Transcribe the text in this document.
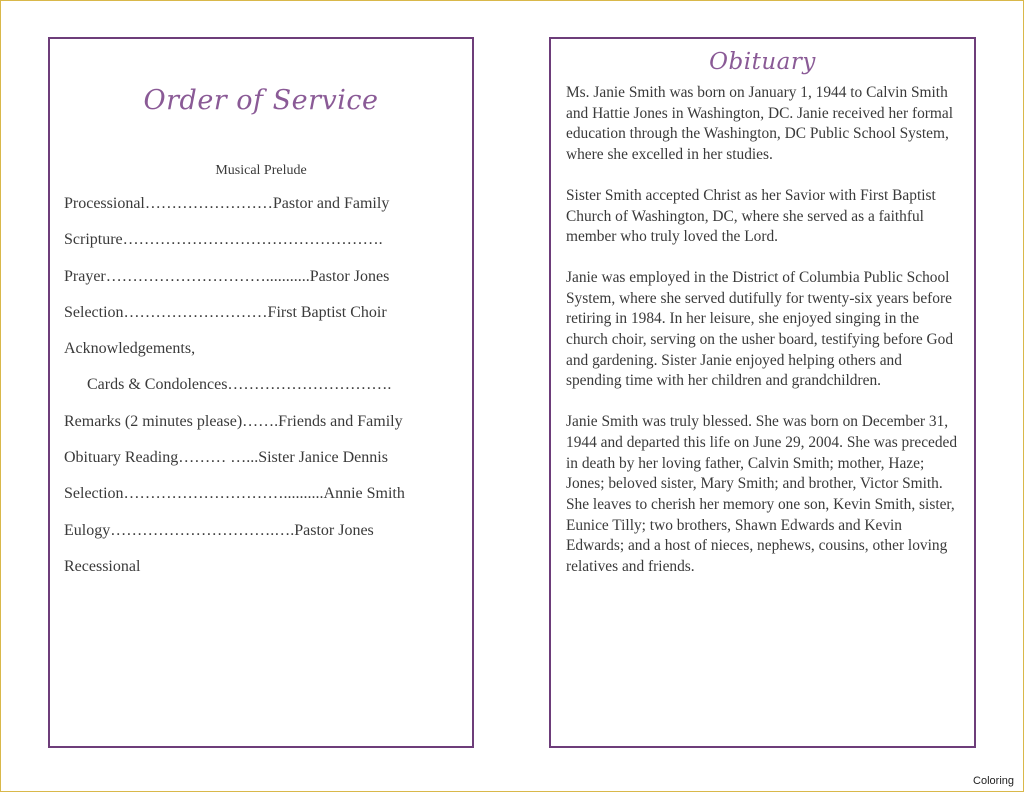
Order of Service
Musical Prelude
Processional……………………Pastor and Family
Scripture………………………………………….
Prayer…………………………...........Pastor Jones
Selection………………………First Baptist Choir
Acknowledgements,
Cards & Condolences………………………….
Remarks (2 minutes please)…….Friends and Family
Obituary Reading……… …...Sister Janice Dennis
Selection…………………………..........Annie Smith
Eulogy………………………….….Pastor Jones
Recessional
Obituary

Ms. Janie Smith was born on January 1, 1944 to Calvin Smith and Hattie Jones in Washington, DC. Janie received her formal education through the Washington, DC Public School System, where she excelled in her studies.

Sister Smith accepted Christ as her Savior with First Baptist Church of Washington, DC, where she served as a faithful member who truly loved the Lord.

Janie was employed in the District of Columbia Public School System, where she served dutifully for twenty-six years before retiring in 1984. In her leisure, she enjoyed singing in the church choir, serving on the usher board, testifying before God and gardening. Sister Janie enjoyed helping others and spending time with her children and grandchildren.

Janie Smith was truly blessed. She was born on December 31, 1944 and departed this life on June 29, 2004. She was preceded in death by her loving father, Calvin Smith; mother, Haze; Jones; beloved sister, Mary Smith; and brother, Victor Smith. She leaves to cherish her memory one son, Kevin Smith, sister, Eunice Tilly; two brothers, Shawn Edwards and Kevin Edwards; and a host of nieces, nephews, cousins, other loving relatives and friends.

Coloring
